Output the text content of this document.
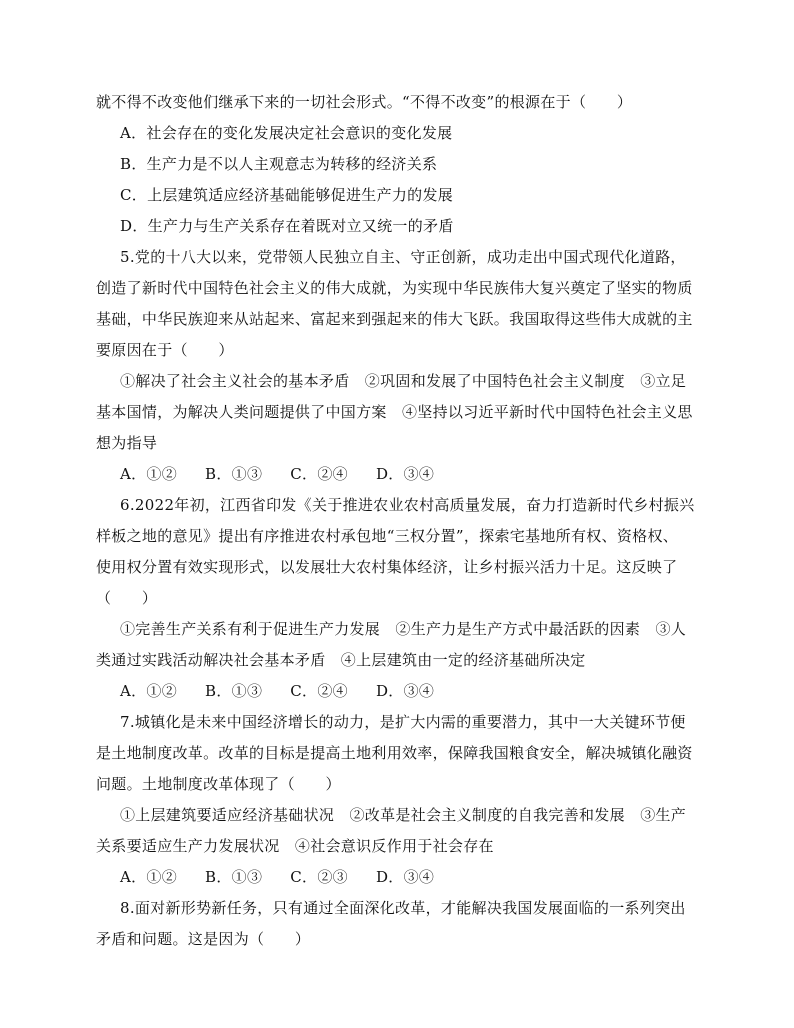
就不得不改变他们继承下来的一切社会形式。“不得不改变”的根源在于（　　）
A．社会存在的变化发展决定社会意识的变化发展
B．生产力是不以人主观意志为转移的经济关系
C．上层建筑适应经济基础能够促进生产力的发展
D．生产力与生产关系存在着既对立又统一的矛盾
5.党的十八大以来，党带领人民独立自主、守正创新，成功走出中国式现代化道路，
创造了新时代中国特色社会主义的伟大成就，为实现中华民族伟大复兴奠定了坚实的物质
基础，中华民族迎来从站起来、富起来到强起来的伟大飞跃。我国取得这些伟大成就的主
要原因在于（　　）
①解决了社会主义社会的基本矛盾　②巩固和发展了中国特色社会主义制度　③立足
基本国情，为解决人类问题提供了中国方案　④坚持以习近平新时代中国特色社会主义思
想为指导
A．①② B．①③ C．②④ D．③④
6.2022年初，江西省印发《关于推进农业农村高质量发展，奋力打造新时代乡村振兴
样板之地的意见》提出有序推进农村承包地“三权分置”，探索宅基地所有权、资格权、
使用权分置有效实现形式，以发展壮大农村集体经济，让乡村振兴活力十足。这反映了
（　　）
①完善生产关系有利于促进生产力发展　②生产力是生产方式中最活跃的因素　③人
类通过实践活动解决社会基本矛盾　④上层建筑由一定的经济基础所决定
A．①② B．①③ C．②④ D．③④
7.城镇化是未来中国经济增长的动力，是扩大内需的重要潜力，其中一大关键环节便
是土地制度改革。改革的目标是提高土地利用效率，保障我国粮食安全，解决城镇化融资
问题。土地制度改革体现了（　　）
①上层建筑要适应经济基础状况　②改革是社会主义制度的自我完善和发展　③生产
关系要适应生产力发展状况　④社会意识反作用于社会存在
A．①② B．①③ C．②③ D．③④
8.面对新形势新任务，只有通过全面深化改革，才能解决我国发展面临的一系列突出
矛盾和问题。这是因为（　　）
